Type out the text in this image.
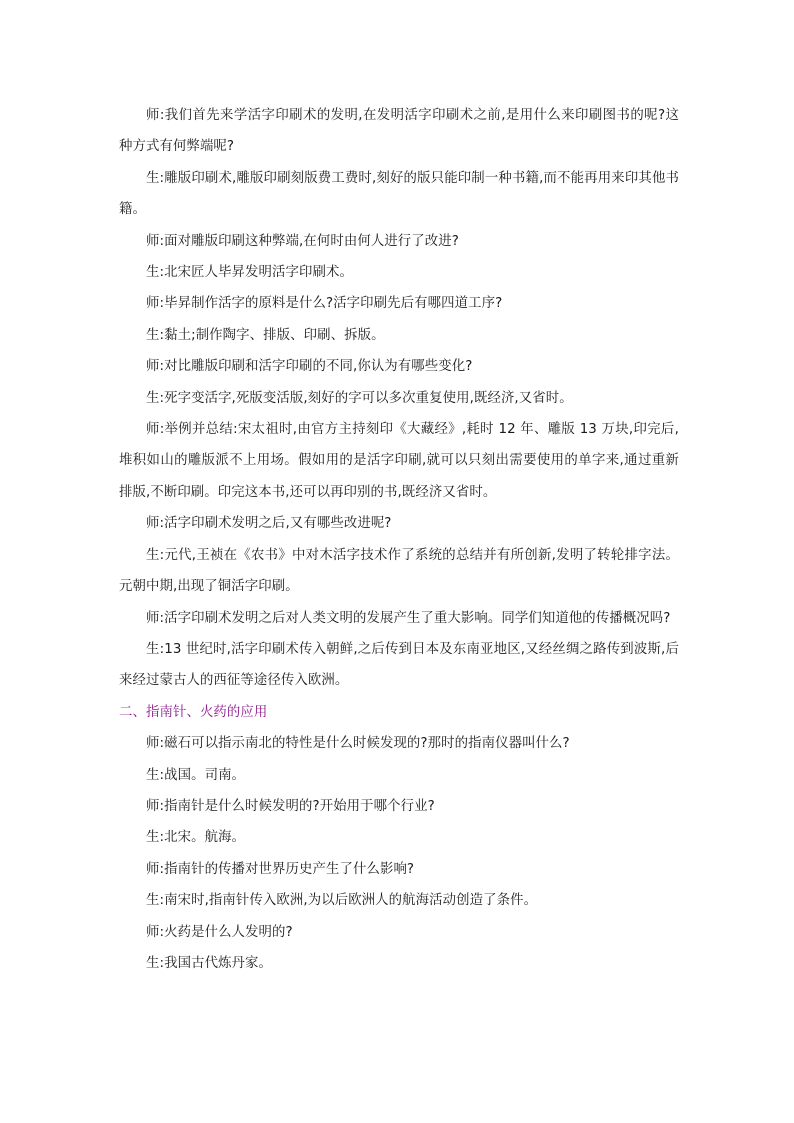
师:我们首先来学活字印刷术的发明,在发明活字印刷术之前,是用什么来印刷图书的呢?这种方式有何弊端呢?

生:雕版印刷术,雕版印刷刻版费工费时,刻好的版只能印制一种书籍,而不能再用来印其他书籍。

师:面对雕版印刷这种弊端,在何时由何人进行了改进?

生:北宋匠人毕昇发明活字印刷术。

师:毕昇制作活字的原料是什么?活字印刷先后有哪四道工序?

生:黏土;制作陶字、排版、印刷、拆版。

师:对比雕版印刷和活字印刷的不同,你认为有哪些变化?

生:死字变活字,死版变活版,刻好的字可以多次重复使用,既经济,又省时。

师:举例并总结:宋太祖时,由官方主持刻印《大藏经》,耗时 12 年、雕版 13 万块,印完后,堆积如山的雕版派不上用场。假如用的是活字印刷,就可以只刻出需要使用的单字来,通过重新排版,不断印刷。印完这本书,还可以再印别的书,既经济又省时。

师:活字印刷术发明之后,又有哪些改进呢?

生:元代,王祯在《农书》中对木活字技术作了系统的总结并有所创新,发明了转轮排字法。元朝中期,出现了铜活字印刷。

师:活字印刷术发明之后对人类文明的发展产生了重大影响。同学们知道他的传播概况吗?

生:13 世纪时,活字印刷术传入朝鲜,之后传到日本及东南亚地区,又经丝绸之路传到波斯,后来经过蒙古人的西征等途径传入欧洲。

二、指南针、火药的应用

师:磁石可以指示南北的特性是什么时候发现的?那时的指南仪器叫什么?

生:战国。司南。

师:指南针是什么时候发明的?开始用于哪个行业?

生:北宋。航海。

师:指南针的传播对世界历史产生了什么影响?

生:南宋时,指南针传入欧洲,为以后欧洲人的航海活动创造了条件。

师:火药是什么人发明的?

生:我国古代炼丹家。
